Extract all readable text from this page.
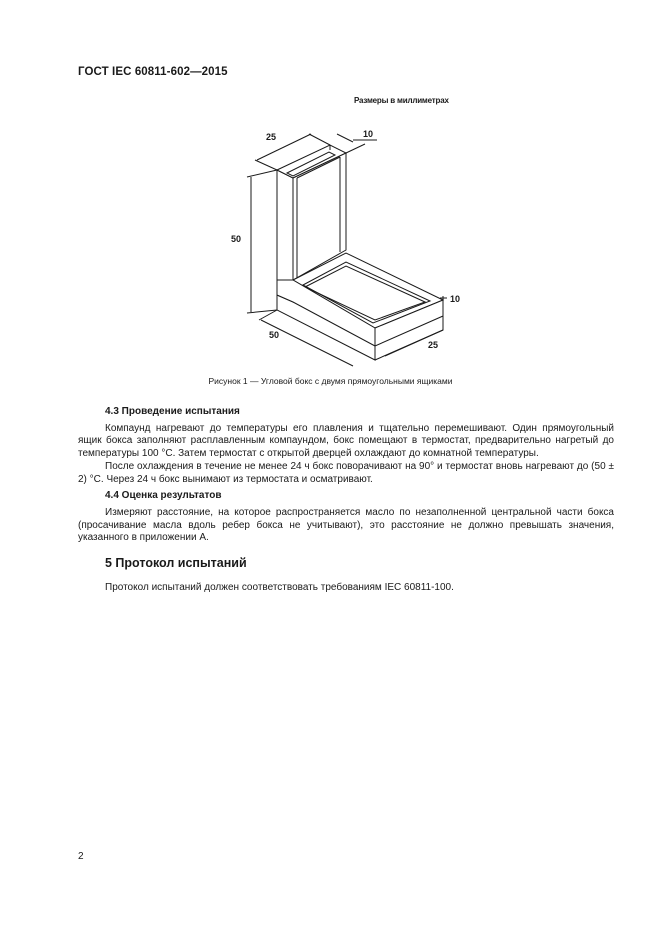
ГОСТ IEC 60811-602—2015
Размеры в миллиметрах
25	10
50
50
10
25
Рисунок 1 — Угловой бокс с двумя прямоугольными ящиками

4.3 Проведение испытания

Компаунд нагревают до температуры его плавления и тщательно перемешивают. Один прямоугольный ящик бокса заполняют расплавленным компаундом, бокс помещают в термостат, предварительно нагретый до температуры 100 °C. Затем термостат с открытой дверцей охлаждают до комнатной температуры.

После охлаждения в течение не менее 24 ч бокс поворачивают на 90° и термостат вновь нагревают до (50 ± 2) °C. Через 24 ч бокс вынимают из термостата и осматривают.

4.4 Оценка результатов

Измеряют расстояние, на которое распространяется масло по незаполненной центральной части бокса (просачивание масла вдоль ребер бокса не учитывают), это расстояние не должно превышать значения, указанного в приложении А.

5 Протокол испытаний

Протокол испытаний должен соответствовать требованиям IEC 60811-100.

2
